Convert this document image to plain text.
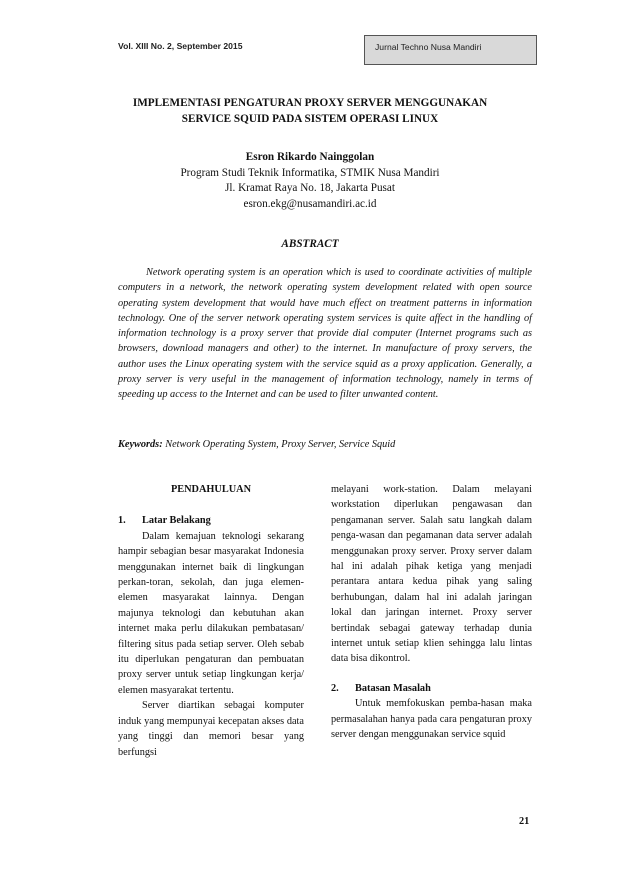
Vol. XIII No. 2, September 2015	Jurnal Techno Nusa Mandiri
IMPLEMENTASI PENGATURAN PROXY SERVER MENGGUNAKAN
SERVICE SQUID PADA SISTEM OPERASI LINUX
Esron Rikardo Nainggolan
Program Studi Teknik Informatika, STMIK Nusa Mandiri
Jl. Kramat Raya No. 18, Jakarta Pusat
esron.ekg@nusamandiri.ac.id
ABSTRACT

Network operating system is an operation which is used to coordinate activities of multiple computers in a network, the network operating system development related with open source operating system development that would have much effect on treatment patterns in information technology. One of the server network operating system services is quite affect in the handling of information technology is a proxy server that provide dial computer (Internet programs such as browsers, download managers and other) to the internet. In manufacture of proxy servers, the author uses the Linux operating system with the service squid as a proxy application. Generally, a proxy server is very useful in the management of information technology, namely in terms of speeding up access to the Internet and can be used to filter unwanted content.

Keywords: Network Operating System, Proxy Server, Service Squid
PENDAHULUAN
1.	Latar Belakang

Dalam kemajuan teknologi sekarang hampir sebagian besar masyarakat Indonesia menggunakan internet baik di lingkungan perkan-toran, sekolah, dan juga elemen-elemen masyarakat lainnya. Dengan majunya teknologi dan kebutuhan akan internet maka perlu dilakukan pembatasan/ filtering situs pada setiap server. Oleh sebab itu diperlukan pengaturan dan pembuatan proxy server untuk setiap lingkungan kerja/ elemen masyarakat tertentu.

Server diartikan sebagai komputer induk yang mempunyai kecepatan akses data yang tinggi dan memori besar yang berfungsi

melayani work-station. Dalam melayani workstation diperlukan pengawasan dan pengamanan server. Salah satu langkah dalam penga-wasan dan pegamanan data server adalah menggunakan proxy server. Proxy server dalam hal ini adalah pihak ketiga yang menjadi perantara antara kedua pihak yang saling berhubungan, dalam hal ini adalah jaringan lokal dan jaringan internet. Proxy server bertindak sebagai gateway terhadap dunia internet untuk setiap klien sehingga lalu lintas data bisa dikontrol.

2.	Batasan Masalah

Untuk memfokuskan pemba-hasan maka permasalahan hanya pada cara pengaturan proxy server dengan menggunakan service squid

21
